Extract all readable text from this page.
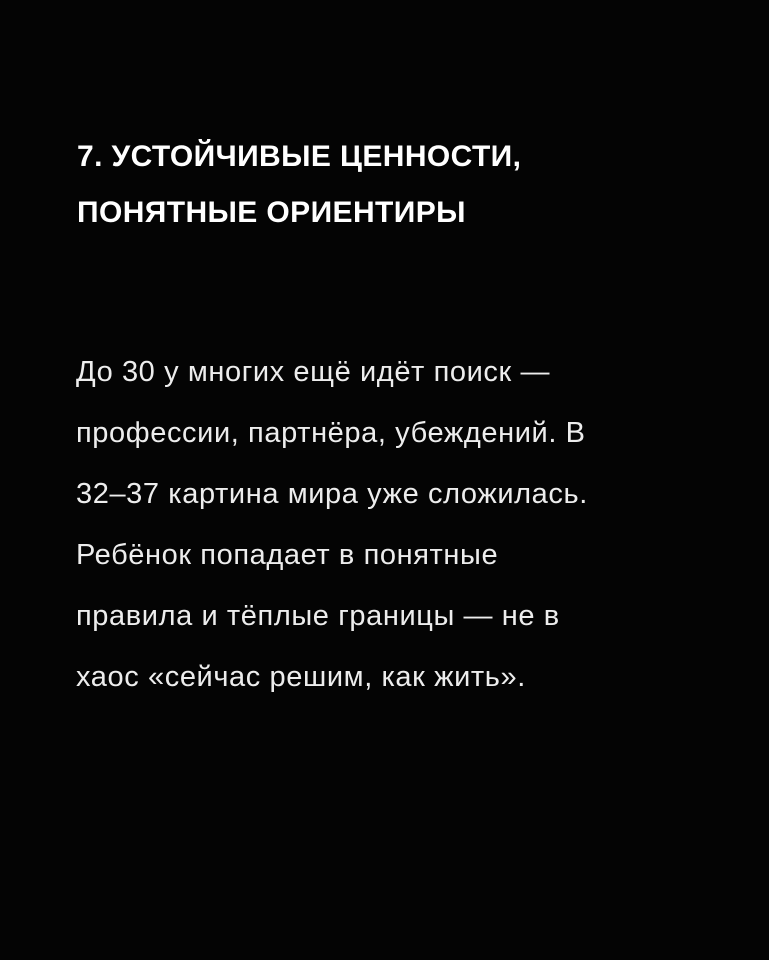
7. УСТОЙЧИВЫЕ ЦЕННОСТИ,
ПОНЯТНЫЕ ОРИЕНТИРЫ
До 30 у многих ещё идёт поиск —
профессии, партнёра, убеждений. В
32–37 картина мира уже сложилась.
Ребёнок попадает в понятные
правила и тёплые границы — не в
хаос «сейчас решим, как жить».
